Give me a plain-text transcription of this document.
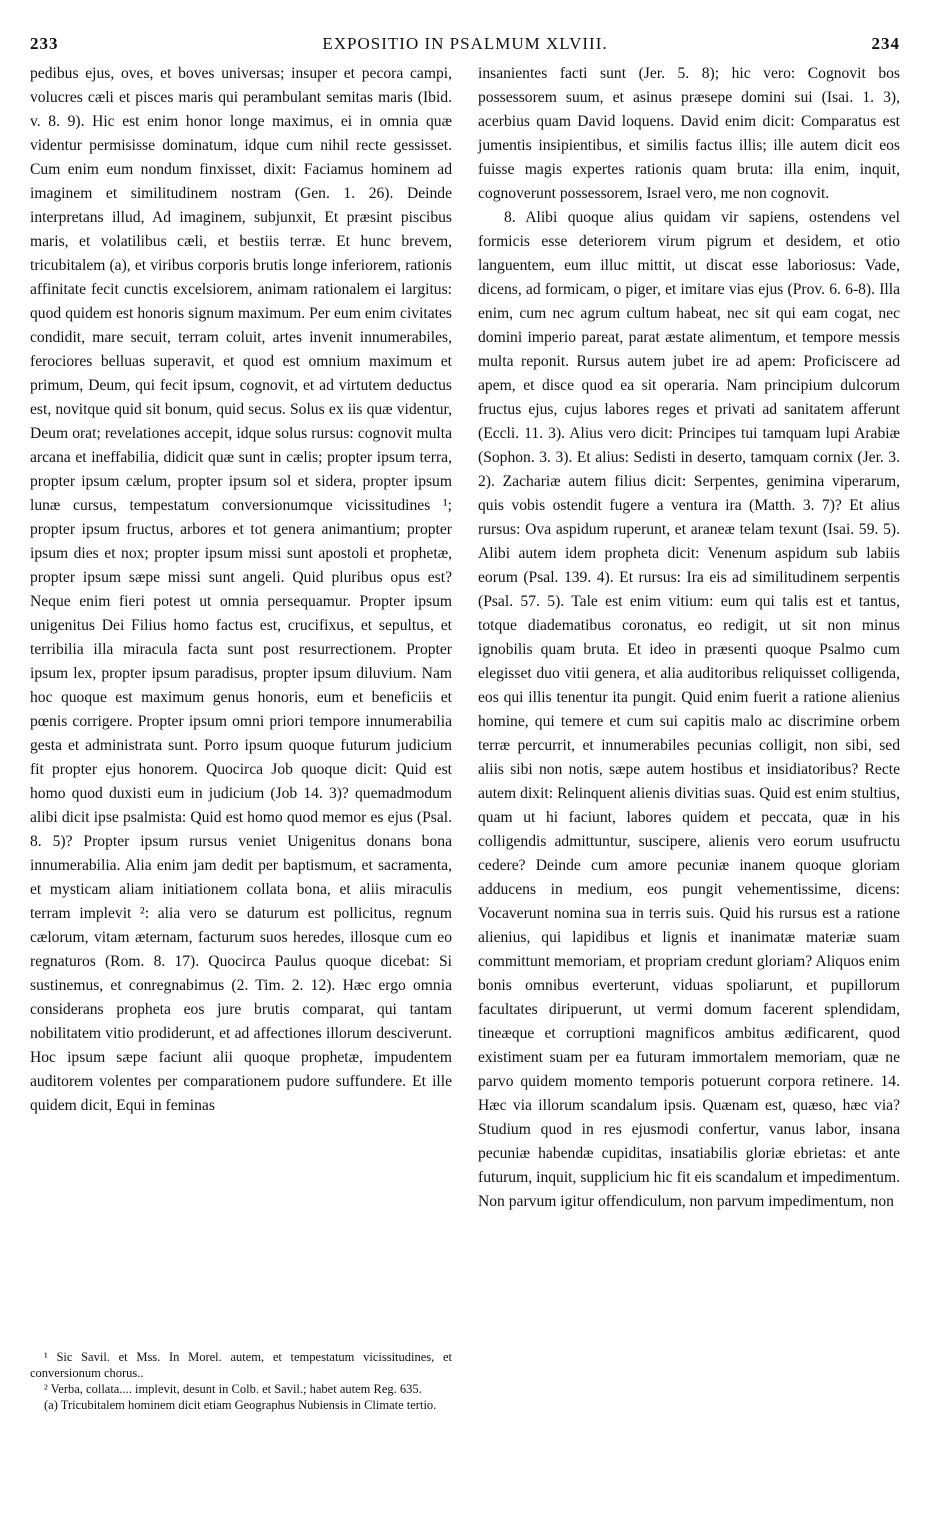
233	EXPOSITIO IN PSALMUM XLVIII.	234

pedibus ejus, oves, et boves universas; insuper et pecora campi, volucres cæli et pisces maris qui perambulant semitas maris (Ibid. v. 8. 9). Hic est enim honor longe maximus, ei in omnia quæ videntur permisisse dominatum, idque cum nihil recte gessisset. Cum enim eum nondum finxisset, dixit: Faciamus hominem ad imaginem et similitudinem nostram (Gen. 1. 26). Deinde interpretans illud, Ad imaginem, subjunxit, Et præsint piscibus maris, et volatilibus cæli, et bestiis terræ. Et hunc brevem, tricubitalem (a), et viribus corporis brutis longe inferiorem, rationis affinitate fecit cunctis excelsiorem, animam rationalem ei largitus: quod quidem est honoris signum maximum. Per eum enim civitates condidit, mare secuit, terram coluit, artes invenit innumerabiles, ferociores belluas superavit, et quod est omnium maximum et primum, Deum, qui fecit ipsum, cognovit, et ad virtutem deductus est, novitque quid sit bonum, quid secus. Solus ex iis quæ videntur, Deum orat; revelationes accepit, idque solus rursus: cognovit multa arcana et ineffabilia, didicit quæ sunt in cælis; propter ipsum terra, propter ipsum cælum, propter ipsum sol et sidera, propter ipsum lunæ cursus, tempestatum conversionumque vicissitudines ¹; propter ipsum fructus, arbores et tot genera animantium; propter ipsum dies et nox; propter ipsum missi sunt apostoli et prophetæ, propter ipsum sæpe missi sunt angeli. Quid pluribus opus est? Neque enim fieri potest ut omnia persequamur. Propter ipsum unigenitus Dei Filius homo factus est, crucifixus, et sepultus, et terribilia illa miracula facta sunt post resurrectionem. Propter ipsum lex, propter ipsum paradisus, propter ipsum diluvium. Nam hoc quoque est maximum genus honoris, eum et beneficiis et pœnis corrigere. Propter ipsum omni priori tempore innumerabilia gesta et administrata sunt. Porro ipsum quoque futurum judicium fit propter ejus honorem. Quocirca Job quoque dicit: Quid est homo quod duxisti eum in judicium (Job 14. 3)? quemadmodum alibi dicit ipse psalmista: Quid est homo quod memor es ejus (Psal. 8. 5)? Propter ipsum rursus veniet Unigenitus donans bona innumerabilia. Alia enim jam dedit per baptismum, et sacramenta, et mysticam aliam initiationem collata bona, et aliis miraculis terram implevit ²: alia vero se daturum est pollicitus, regnum cælorum, vitam æternam, facturum suos heredes, illosque cum eo regnaturos (Rom. 8. 17). Quocirca Paulus quoque dicebat: Si sustinemus, et conregnabimus (2. Tim. 2. 12). Hæc ergo omnia considerans propheta eos jure brutis comparat, qui tantam nobilitatem vitio prodiderunt, et ad affectiones illorum desciverunt. Hoc ipsum sæpe faciunt alii quoque prophetæ, impudentem auditorem volentes per comparationem pudore suffundere. Et ille quidem dicit, Equi in feminas

¹ Sic Savil. et Mss. In Morel. autem, et tempestatum vicissitudines, et conversionum chorus..

² Verba, collata.... implevit, desunt in Colb. et Savil.; habet autem Reg. 635.

(a) Tricubitalem hominem dicit etiam Geographus Nubiensis in Climate tertio.

insanientes facti sunt (Jer. 5. 8); hic vero: Cognovit bos possessorem suum, et asinus præsepe domini sui (Isai. 1. 3), acerbius quam David loquens. David enim dicit: Comparatus est jumentis insipientibus, et similis factus illis; ille autem dicit eos fuisse magis expertes rationis quam bruta: illa enim, inquit, cognoverunt possessorem, Israel vero, me non cognovit.

8. Alibi quoque alius quidam vir sapiens, ostendens vel formicis esse deteriorem virum pigrum et desidem, et otio languentem, eum illuc mittit, ut discat esse laboriosus: Vade, dicens, ad formicam, o piger, et imitare vias ejus (Prov. 6. 6-8). Illa enim, cum nec agrum cultum habeat, nec sit qui eam cogat, nec domini imperio pareat, parat æstate alimentum, et tempore messis multa reponit. Rursus autem jubet ire ad apem: Proficiscere ad apem, et disce quod ea sit operaria. Nam principium dulcorum fructus ejus, cujus labores reges et privati ad sanitatem afferunt (Eccli. 11. 3). Alius vero dicit: Principes tui tamquam lupi Arabiæ (Sophon. 3. 3). Et alius: Sedisti in deserto, tamquam cornix (Jer. 3. 2). Zachariæ autem filius dicit: Serpentes, genimina viperarum, quis vobis ostendit fugere a ventura ira (Matth. 3. 7)? Et alius rursus: Ova aspidum ruperunt, et araneæ telam texunt (Isai. 59. 5). Alibi autem idem propheta dicit: Venenum aspidum sub labiis eorum (Psal. 139. 4). Et rursus: Ira eis ad similitudinem serpentis (Psal. 57. 5). Tale est enim vitium: eum qui talis est et tantus, totque diadematibus coronatus, eo redigit, ut sit non minus ignobilis quam bruta. Et ideo in præsenti quoque Psalmo cum elegisset duo vitii genera, et alia auditoribus reliquisset colligenda, eos qui illis tenentur ita pungit. Quid enim fuerit a ratione alienius homine, qui temere et cum sui capitis malo ac discrimine orbem terræ percurrit, et innumerabiles pecunias colligit, non sibi, sed aliis sibi non notis, sæpe autem hostibus et insidiatoribus? Recte autem dixit: Relinquent alienis divitias suas. Quid est enim stultius, quam ut hi faciunt, labores quidem et peccata, quæ in his colligendis admittuntur, suscipere, alienis vero eorum usufructu cedere? Deinde cum amore pecuniæ inanem quoque gloriam adducens in medium, eos pungit vehementissime, dicens: Vocaverunt nomina sua in terris suis. Quid his rursus est a ratione alienius, qui lapidibus et lignis et inanimatæ materiæ suam committunt memoriam, et propriam credunt gloriam? Aliquos enim bonis omnibus everterunt, viduas spoliarunt, et pupillorum facultates diripuerunt, ut vermi domum facerent splendidam, tineæque et corruptioni magnificos ambitus ædificarent, quod existiment suam per ea futuram immortalem memoriam, quæ ne parvo quidem momento temporis potuerunt corpora retinere. 14. Hæc via illorum scandalum ipsis. Quænam est, quæso, hæc via? Studium quod in res ejusmodi confertur, vanus labor, insana pecuniæ habendæ cupiditas, insatiabilis gloriæ ebrietas: et ante futurum, inquit, supplicium hic fit eis scandalum et impedimentum. Non parvum igitur offendiculum, non parvum impedimentum, non
